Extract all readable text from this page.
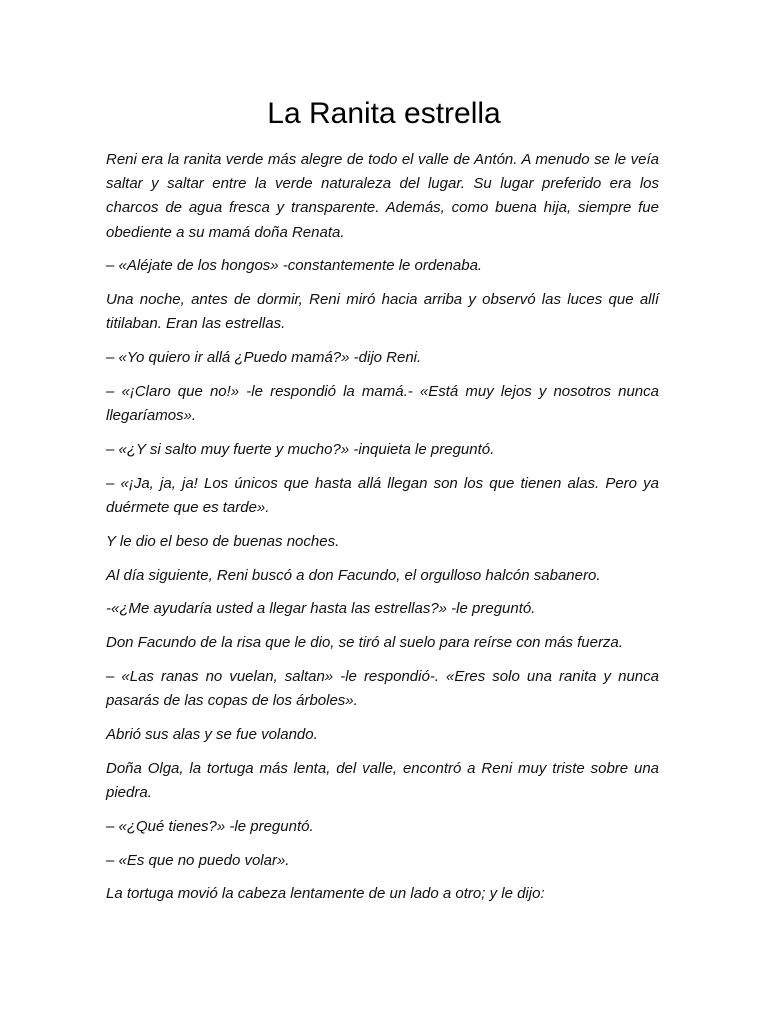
La Ranita estrella

Reni era la ranita verde más alegre de todo el valle de Antón. A menudo se le veía saltar y saltar entre la verde naturaleza del lugar. Su lugar preferido era los charcos de agua fresca y transparente. Además, como buena hija, siempre fue obediente a su mamá doña Renata.

– «Aléjate de los hongos» -constantemente le ordenaba.

Una noche, antes de dormir, Reni miró hacia arriba y observó las luces que allí titilaban. Eran las estrellas.

– «Yo quiero ir allá ¿Puedo mamá?» -dijo Reni.

– «¡Claro que no!» -le respondió la mamá.- «Está muy lejos y nosotros nunca llegaríamos».

– «¿Y si salto muy fuerte y mucho?» -inquieta le preguntó.

– «¡Ja, ja, ja! Los únicos que hasta allá llegan son los que tienen alas. Pero ya duérmete que es tarde».

Y le dio el beso de buenas noches.

Al día siguiente, Reni buscó a don Facundo, el orgulloso halcón sabanero.

-«¿Me ayudaría usted a llegar hasta las estrellas?» -le preguntó.

Don Facundo de la risa que le dio, se tiró al suelo para reírse con más fuerza.

– «Las ranas no vuelan, saltan» -le respondió-. «Eres solo una ranita y nunca pasarás de las copas de los árboles».

Abrió sus alas y se fue volando.

Doña Olga, la tortuga más lenta, del valle, encontró a Reni muy triste sobre una piedra.

– «¿Qué tienes?» -le preguntó.

– «Es que no puedo volar».

La tortuga movió la cabeza lentamente de un lado a otro; y le dijo:
